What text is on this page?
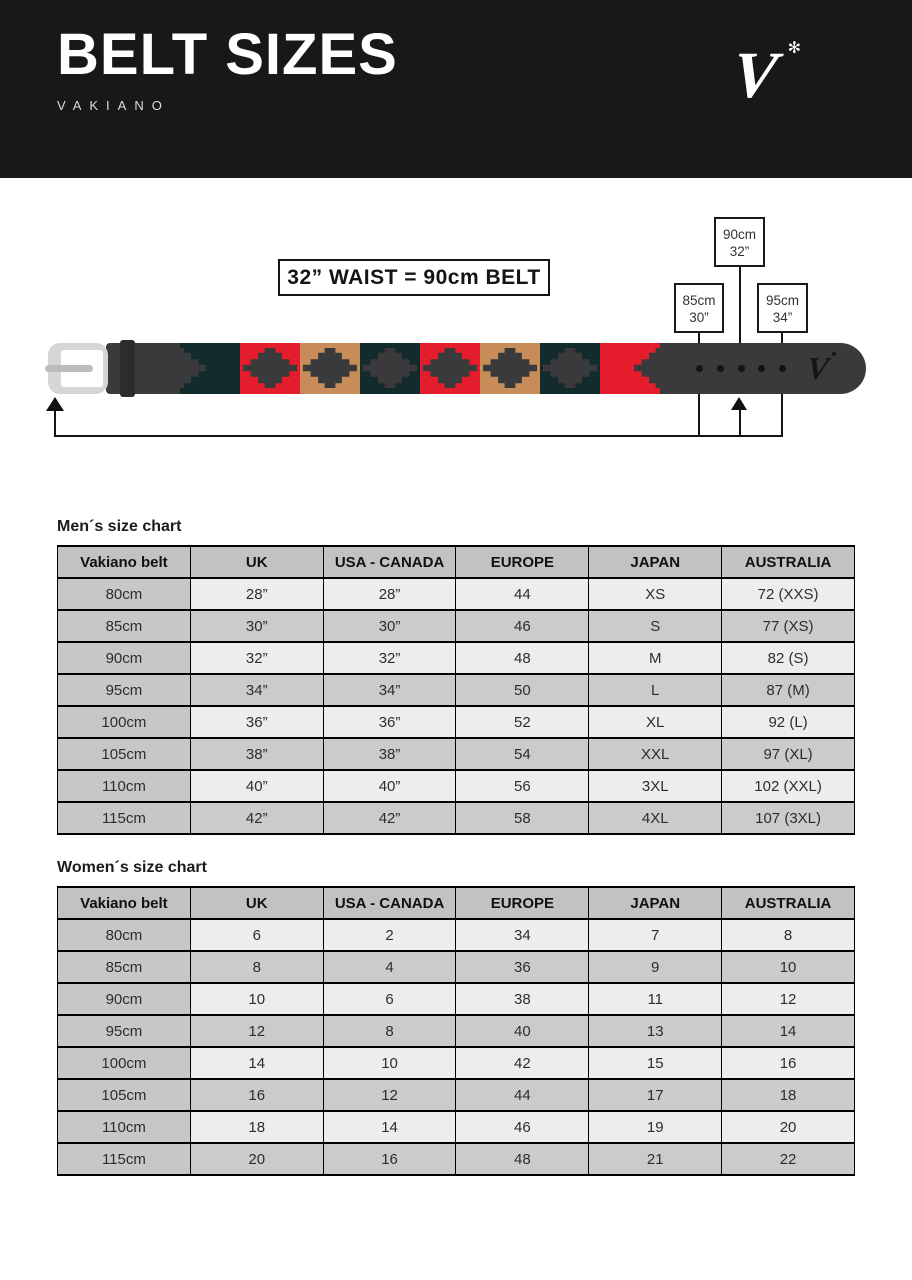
BELT SIZES
VAKIANO	V ✻
32” WAIST = 90cm BELT
90cm
32”
85cm
30”
95cm
34”
V
Men´s size chart
Vakiano belt	UK	USA - CANADA	EUROPE	JAPAN	AUSTRALIA
80cm	28”	28”	44	XS	72 (XXS)
85cm	30”	30”	46	S	77 (XS)
90cm	32”	32”	48	M	82 (S)
95cm	34”	34”	50	L	87 (M)
100cm	36”	36”	52	XL	92 (L)
105cm	38”	38”	54	XXL	97 (XL)
110cm	40”	40”	56	3XL	102 (XXL)
115cm	42”	42”	58	4XL	107 (3XL)
Women´s size chart
Vakiano belt	UK	USA - CANADA	EUROPE	JAPAN	AUSTRALIA
80cm	6	2	34	7	8
85cm	8	4	36	9	10
90cm	10	6	38	11	12
95cm	12	8	40	13	14
100cm	14	10	42	15	16
105cm	16	12	44	17	18
110cm	18	14	46	19	20
115cm	20	16	48	21	22
